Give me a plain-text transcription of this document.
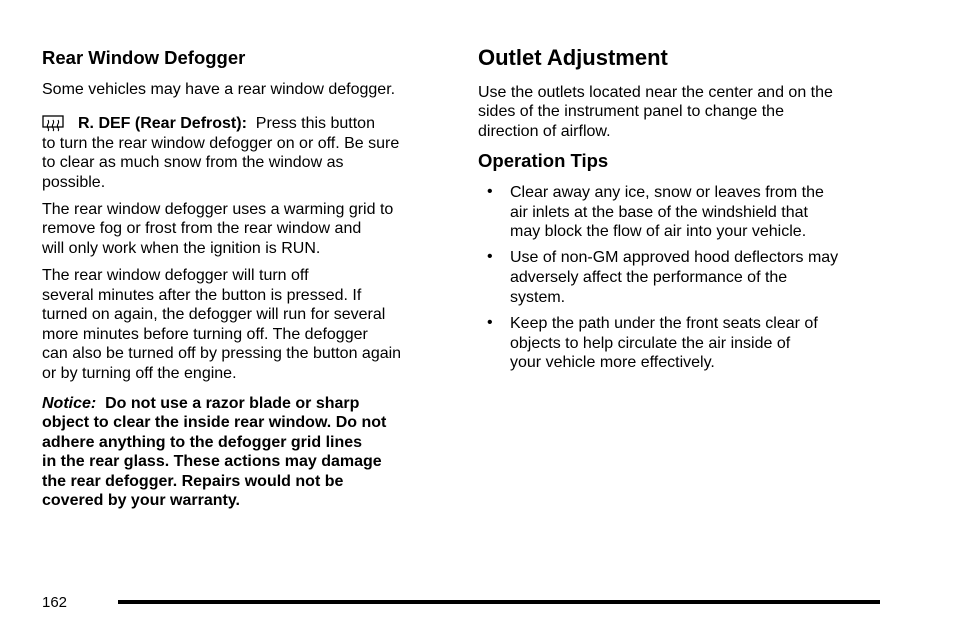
Rear Window Defogger
Some vehicles may have a rear window defogger.
R. DEF (Rear Defrost): Press this button
to turn the rear window defogger on or off. Be sure
to clear as much snow from the window as
possible.
The rear window defogger uses a warming grid to
remove fog or frost from the rear window and
will only work when the ignition is RUN.
The rear window defogger will turn off
several minutes after the button is pressed. If
turned on again, the defogger will run for several
more minutes before turning off. The defogger
can also be turned off by pressing the button again
or by turning off the engine.
Notice: Do not use a razor blade or sharp
object to clear the inside rear window. Do not
adhere anything to the defogger grid lines
in the rear glass. These actions may damage
the rear defogger. Repairs would not be
covered by your warranty.
Outlet Adjustment
Use the outlets located near the center and on the
sides of the instrument panel to change the
direction of airflow.
Operation Tips
• Clear away any ice, snow or leaves from the
air inlets at the base of the windshield that
may block the flow of air into your vehicle.
• Use of non-GM approved hood deflectors may
adversely affect the performance of the
system.
• Keep the path under the front seats clear of
objects to help circulate the air inside of
your vehicle more effectively.
162
